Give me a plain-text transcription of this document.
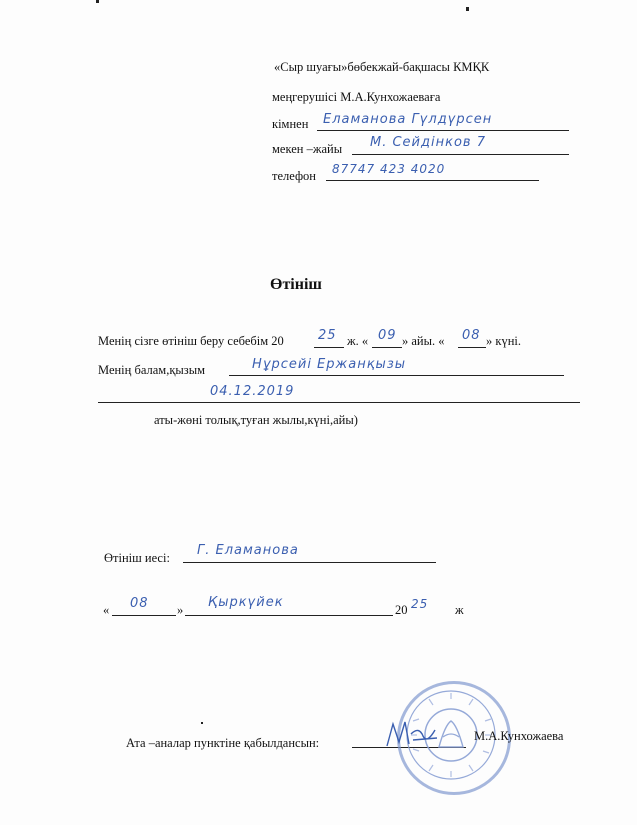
«Сыр шуағы»бөбекжай-бақшасы КМҚК
меңгерушісі М.А.Кунхожаеваға
кімнен Еламанова Гүлдүрсен
мекен –жайы М. Сейдінков 7
телефон 87747 423 4020
Өтініш
Менің сізге өтініш беру себебім 20	25 ж. « 09 » айы. « 08 » күні.
Менің балам,қызым	Нұрсейі Ержанқызы
04.12.2019
аты-жөні толық,туған жылы,күні,айы)
Өтініш иесі: Г. Еламанова
« 08 » Қыркүйек	20 25 ж
Ата –аналар пунктіне қабылдансын:	М.А.Кунхожаева
